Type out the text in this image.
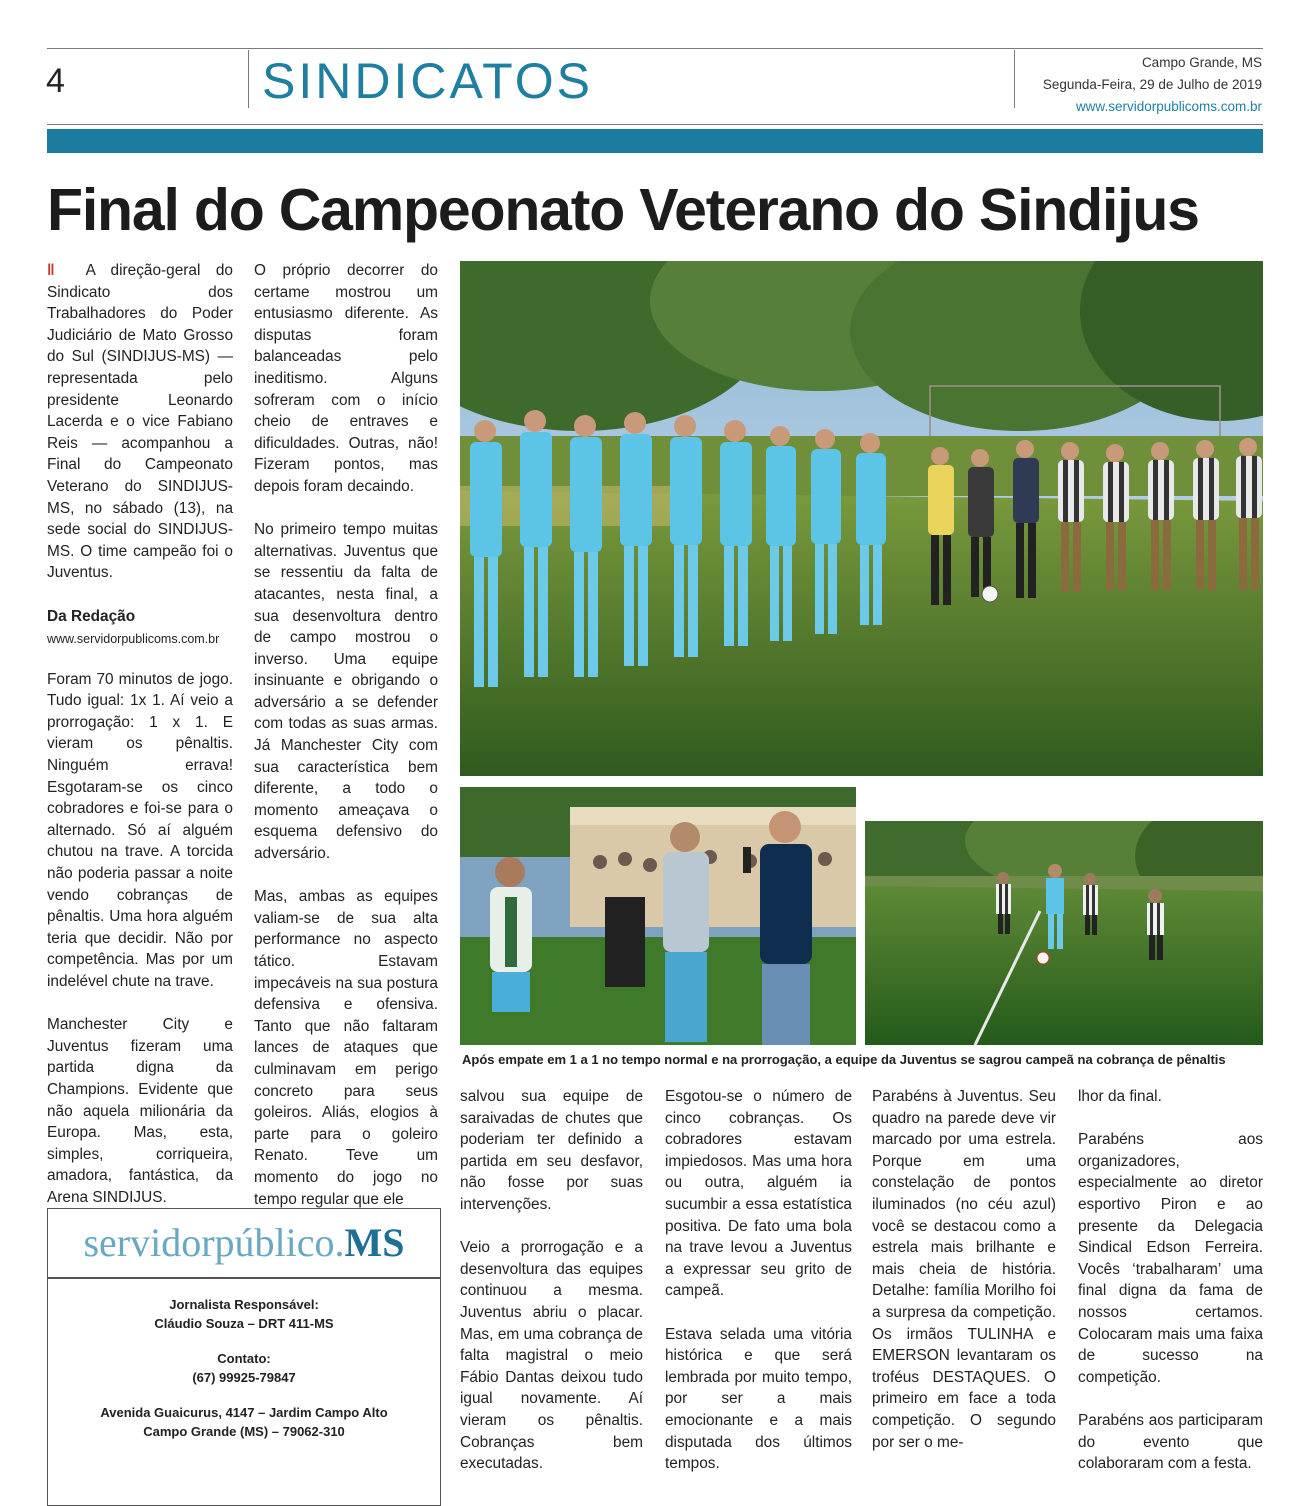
4	SINDICATOS	Campo Grande, MS
Segunda-Feira, 29 de Julho de 2019
www.servidorpublicoms.com.br
Final do Campeonato Veterano do Sindijus

‖ A direção-geral do Sindicato dos Trabalhadores do Poder Judiciário de Mato Grosso do Sul (SINDIJUS-MS) — representada pelo presidente Leonardo Lacerda e o vice Fabiano Reis — acompanhou a Final do Campeonato Veterano do SINDIJUS-MS, no sábado (13), na sede social do SINDIJUS-MS. O time campeão foi o Juventus.

Da Redação

www.servidorpublicoms.com.br

Foram 70 minutos de jogo. Tudo igual: 1x 1. Aí veio a prorrogação: 1 x 1. E vieram os pênaltis. Ninguém errava! Esgotaram-se os cinco cobradores e foi-se para o alternado. Só aí alguém chutou na trave. A torcida não poderia passar a noite vendo cobranças de pênaltis. Uma hora alguém teria que decidir. Não por competência. Mas por um indelével chute na trave.

Manchester City e Juventus fizeram uma partida digna da Champions. Evidente que não aquela milionária da Europa. Mas, esta, simples, corriqueira, amadora, fantástica, da Arena SINDIJUS.

O próprio decorrer do certame mostrou um entusiasmo diferente. As disputas foram balanceadas pelo ineditismo. Alguns sofreram com o início cheio de entraves e dificuldades. Outras, não! Fizeram pontos, mas depois foram decaindo.

No primeiro tempo muitas alternativas. Juventus que se ressentiu da falta de atacantes, nesta final, a sua desenvoltura dentro de campo mostrou o inverso. Uma equipe insinuante e obrigando o adversário a se defender com todas as suas armas. Já Manchester City com sua característica bem diferente, a todo o momento ameaçava o esquema defensivo do adversário.

Mas, ambas as equipes valiam-se de sua alta performance no aspecto tático. Estavam impecáveis na sua postura defensiva e ofensiva. Tanto que não faltaram lances de ataques que culminavam em perigo concreto para seus goleiros. Aliás, elogios à parte para o goleiro Renato. Teve um momento do jogo no tempo regular que ele

Após empate em 1 a 1 no tempo normal e na prorrogação, a equipe da Juventus se sagrou campeã na cobrança de pênaltis

salvou sua equipe de saraivadas de chutes que poderiam ter definido a partida em seu desfavor, não fosse por suas intervenções.

Veio a prorrogação e a desenvoltura das equipes continuou a mesma. Juventus abriu o placar. Mas, em uma cobrança de falta magistral o meio Fábio Dantas deixou tudo igual novamente. Aí vieram os pênaltis. Cobranças bem executadas.

Esgotou-se o número de cinco cobranças. Os cobradores estavam impiedosos. Mas uma hora ou outra, alguém ia sucumbir a essa estatística positiva. De fato uma bola na trave levou a Juventus a expressar seu grito de campeã.

Estava selada uma vitória histórica e que será lembrada por muito tempo, por ser a mais emocionante e a mais disputada dos últimos tempos.

Parabéns à Juventus. Seu quadro na parede deve vir marcado por uma estrela. Porque em uma constelação de pontos iluminados (no céu azul) você se destacou como a estrela mais brilhante e mais cheia de história. Detalhe: família Morilho foi a surpresa da competição. Os irmãos TULINHA e EMERSON levantaram os troféus DESTAQUES. O primeiro em face a toda competição. O segundo por ser o me-

lhor da final.

Parabéns aos organizadores, especialmente ao diretor esportivo Piron e ao presente da Delegacia Sindical Edson Ferreira. Vocês ‘trabalharam’ uma final digna da fama de nossos certamos. Colocaram mais uma faixa de sucesso na competição.

Parabéns aos participaram do evento que colaboraram com a festa.

servidorpúblico.MS
Jornalista Responsável:
Cláudio Souza – DRT 411-MS
Contato:
(67) 99925-79847
Avenida Guaicurus, 4147 – Jardim Campo Alto
Campo Grande (MS) – 79062-310
